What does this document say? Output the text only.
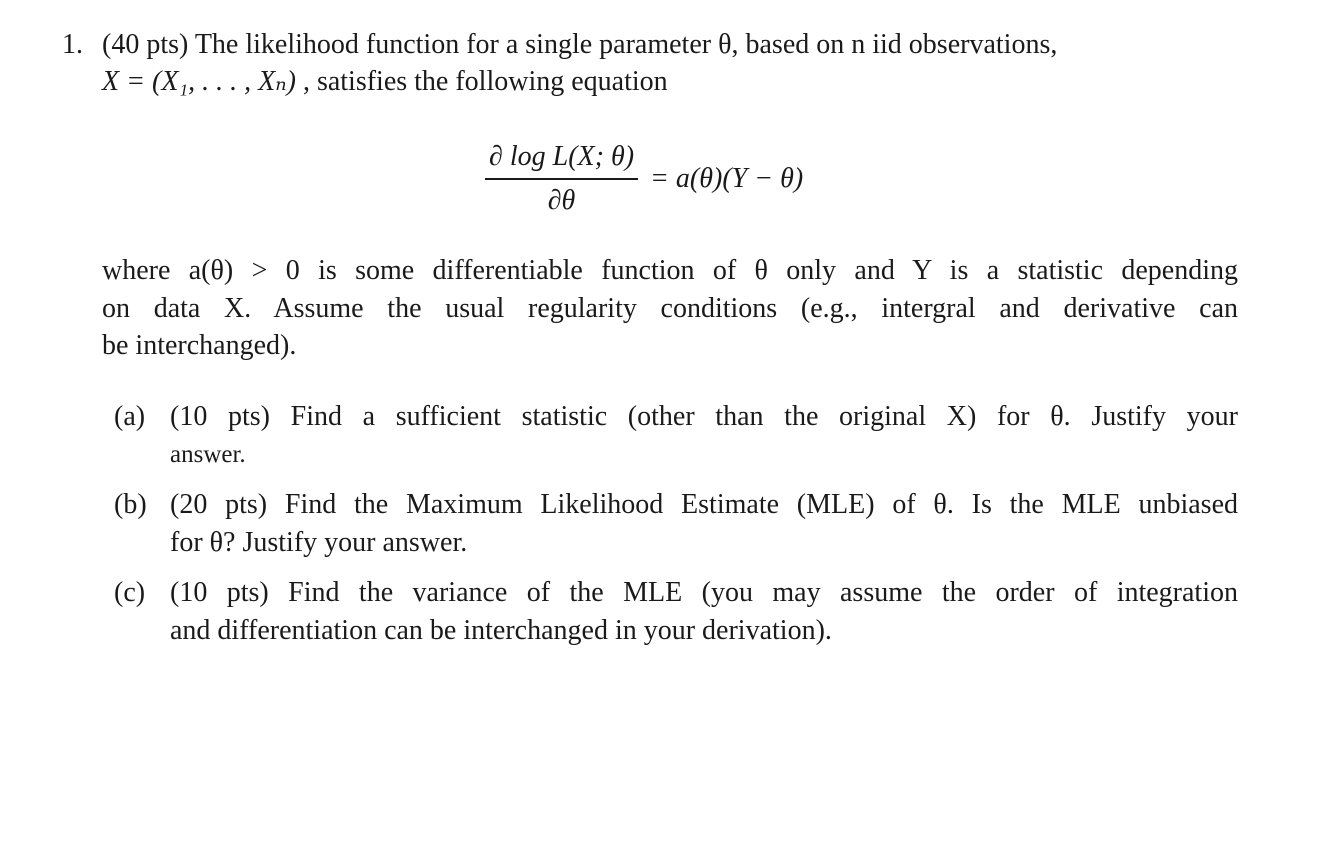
1. (40 pts) The likelihood function for a single parameter θ, based on n iid observations,
X = (X₁, . . . , Xₙ) , satisfies the following equation
$\frac{\text{∂ log L(X; θ)}}{\partial\theta} = a(\theta)(Y - \theta)$
where a(θ) > 0 is some differentiable function of θ only and Y is a statistic depending
on data X. Assume the usual regularity conditions (e.g., intergral and derivative can
be interchanged).
(a) (10 pts) Find a sufficient statistic (other than the original X) for θ. Justify your
answer.
(b) (20 pts) Find the Maximum Likelihood Estimate (MLE) of θ. Is the MLE unbiased
for θ? Justify your answer.
(c) (10 pts) Find the variance of the MLE (you may assume the order of integration
and differentiation can be interchanged in your derivation).
